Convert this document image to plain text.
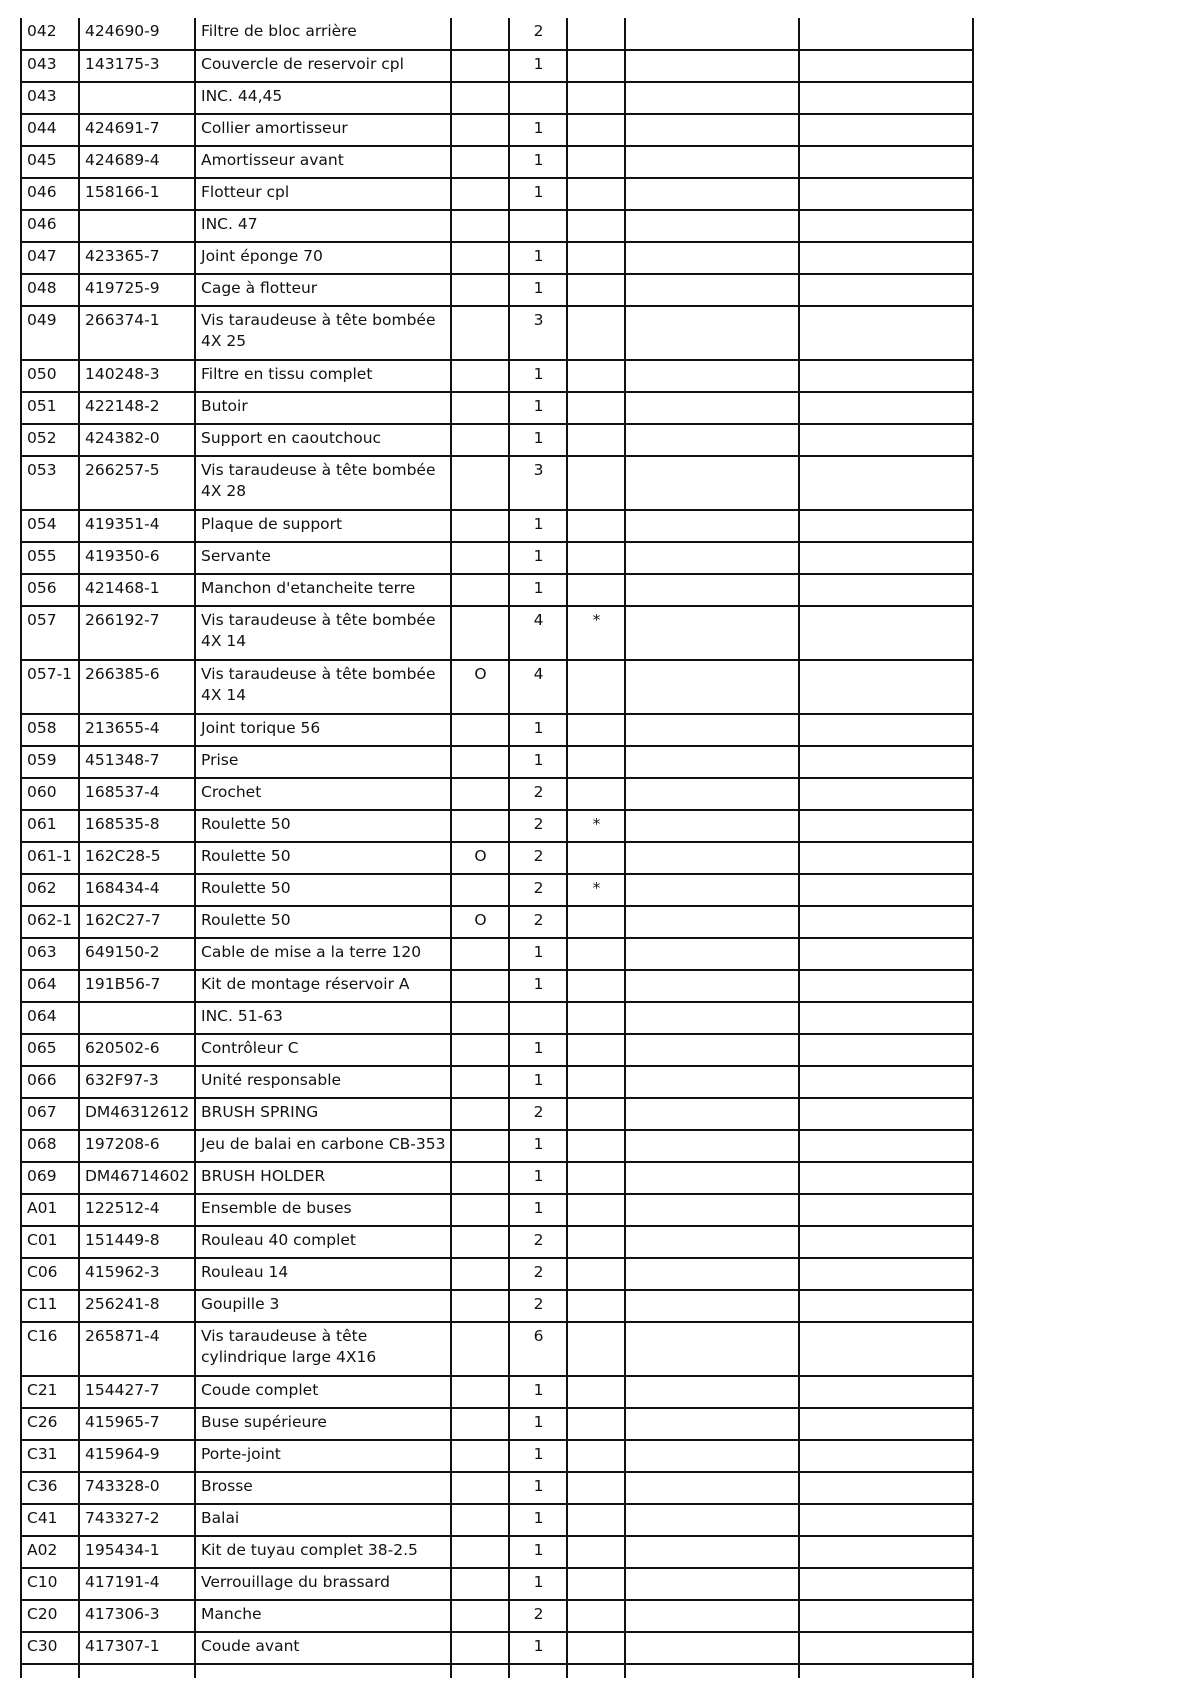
042	424690-9	Filtre de bloc arrière		2			
043	143175-3	Couvercle de reservoir cpl		1			
043		INC. 44,45					
044	424691-7	Collier amortisseur		1			
045	424689-4	Amortisseur avant		1			
046	158166-1	Flotteur cpl		1			
046		INC. 47					
047	423365-7	Joint éponge 70		1			
048	419725-9	Cage à flotteur		1			
049	266374-1	Vis taraudeuse à tête bombée 4X 25		3			
050	140248-3	Filtre en tissu complet		1			
051	422148-2	Butoir		1			
052	424382-0	Support en caoutchouc		1			
053	266257-5	Vis taraudeuse à tête bombée 4X 28		3			
054	419351-4	Plaque de support		1			
055	419350-6	Servante		1			
056	421468-1	Manchon d'etancheite terre		1			
057	266192-7	Vis taraudeuse à tête bombée 4X 14		4	*		
057-1	266385-6	Vis taraudeuse à tête bombée 4X 14	O	4			
058	213655-4	Joint torique 56		1			
059	451348-7	Prise		1			
060	168537-4	Crochet		2			
061	168535-8	Roulette 50		2	*		
061-1	162C28-5	Roulette 50	O	2			
062	168434-4	Roulette 50		2	*		
062-1	162C27-7	Roulette 50	O	2			
063	649150-2	Cable de mise a la terre 120		1			
064	191B56-7	Kit de montage réservoir A		1			
064		INC. 51-63					
065	620502-6	Contrôleur C		1			
066	632F97-3	Unité responsable		1			
067	DM46312612	BRUSH SPRING		2			
068	197208-6	Jeu de balai en carbone CB-353		1			
069	DM46714602	BRUSH HOLDER		1			
A01	122512-4	Ensemble de buses		1			
C01	151449-8	Rouleau 40 complet		2			
C06	415962-3	Rouleau 14		2			
C11	256241-8	Goupille 3		2			
C16	265871-4	Vis taraudeuse à tête cylindrique large 4X16		6			
C21	154427-7	Coude complet		1			
C26	415965-7	Buse supérieure		1			
C31	415964-9	Porte-joint		1			
C36	743328-0	Brosse		1			
C41	743327-2	Balai		1			
A02	195434-1	Kit de tuyau complet 38-2.5		1			
C10	417191-4	Verrouillage du brassard		1			
C20	417306-3	Manche		2			
C30	417307-1	Coude avant		1			
